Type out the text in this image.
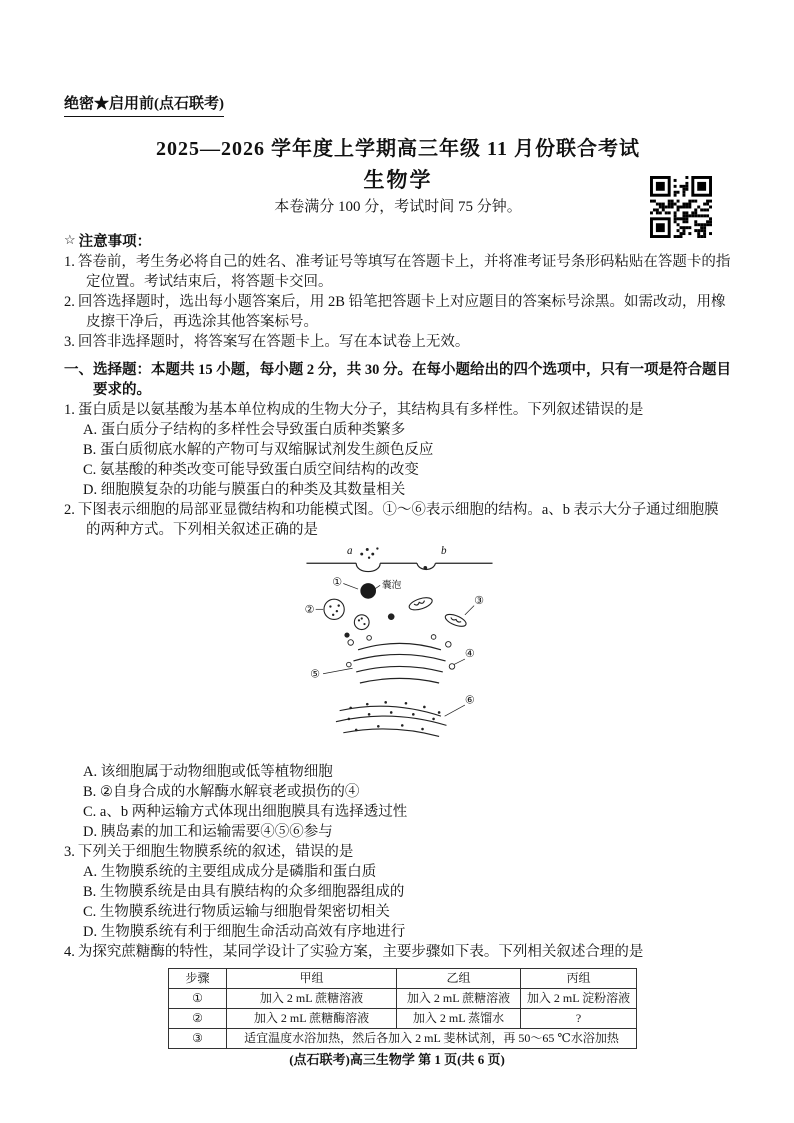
绝密★启用前(点石联考)
2025—2026 学年度上学期高三年级 11 月份联合考试
生物学
本卷满分 100 分，考试时间 75 分钟。
☆ 注意事项：

1. 答卷前，考生务必将自己的姓名、准考证号等填写在答题卡上，并将准考证号条形码粘贴在答题卡的指定位置。考试结束后，将答题卡交回。

2. 回答选择题时，选出每小题答案后，用 2B 铅笔把答题卡上对应题目的答案标号涂黑。如需改动，用橡皮擦干净后，再选涂其他答案标号。

3. 回答非选择题时，将答案写在答题卡上。写在本试卷上无效。

一、选择题：本题共 15 小题，每小题 2 分，共 30 分。在每小题给出的四个选项中，只有一项是符合题目要求的。

1. 蛋白质是以氨基酸为基本单位构成的生物大分子，其结构具有多样性。下列叙述错误的是

A. 蛋白质分子结构的多样性会导致蛋白质种类繁多

B. 蛋白质彻底水解的产物可与双缩脲试剂发生颜色反应

C. 氨基酸的种类改变可能导致蛋白质空间结构的改变

D. 细胞膜复杂的功能与膜蛋白的种类及其数量相关

2. 下图表示细胞的局部亚显微结构和功能模式图。①～⑥表示细胞的结构。a、b 表示大分子通过细胞膜的两种方式。下列相关叙述正确的是

a	b
囊泡
①
②
③
⑤
④
⑥

A. 该细胞属于动物细胞或低等植物细胞

B. ②自身合成的水解酶水解衰老或损伤的④

C. a、b 两种运输方式体现出细胞膜具有选择透过性

D. 胰岛素的加工和运输需要④⑤⑥参与

3. 下列关于细胞生物膜系统的叙述，错误的是

A. 生物膜系统的主要组成成分是磷脂和蛋白质

B. 生物膜系统是由具有膜结构的众多细胞器组成的

C. 生物膜系统进行物质运输与细胞骨架密切相关

D. 生物膜系统有利于细胞生命活动高效有序地进行

4. 为探究蔗糖酶的特性，某同学设计了实验方案，主要步骤如下表。下列相关叙述合理的是

步骤	甲组	乙组	丙组
①	加入 2 mL 蔗糖溶液	加入 2 mL 蔗糖溶液	加入 2 mL 淀粉溶液
②	加入 2 mL 蔗糖酶溶液	加入 2 mL 蒸馏水	?
③	适宜温度水浴加热，然后各加入 2 mL 斐林试剂，再 50～65 ℃水浴加热		
(点石联考)高三生物学 第 1 页(共 6 页)
